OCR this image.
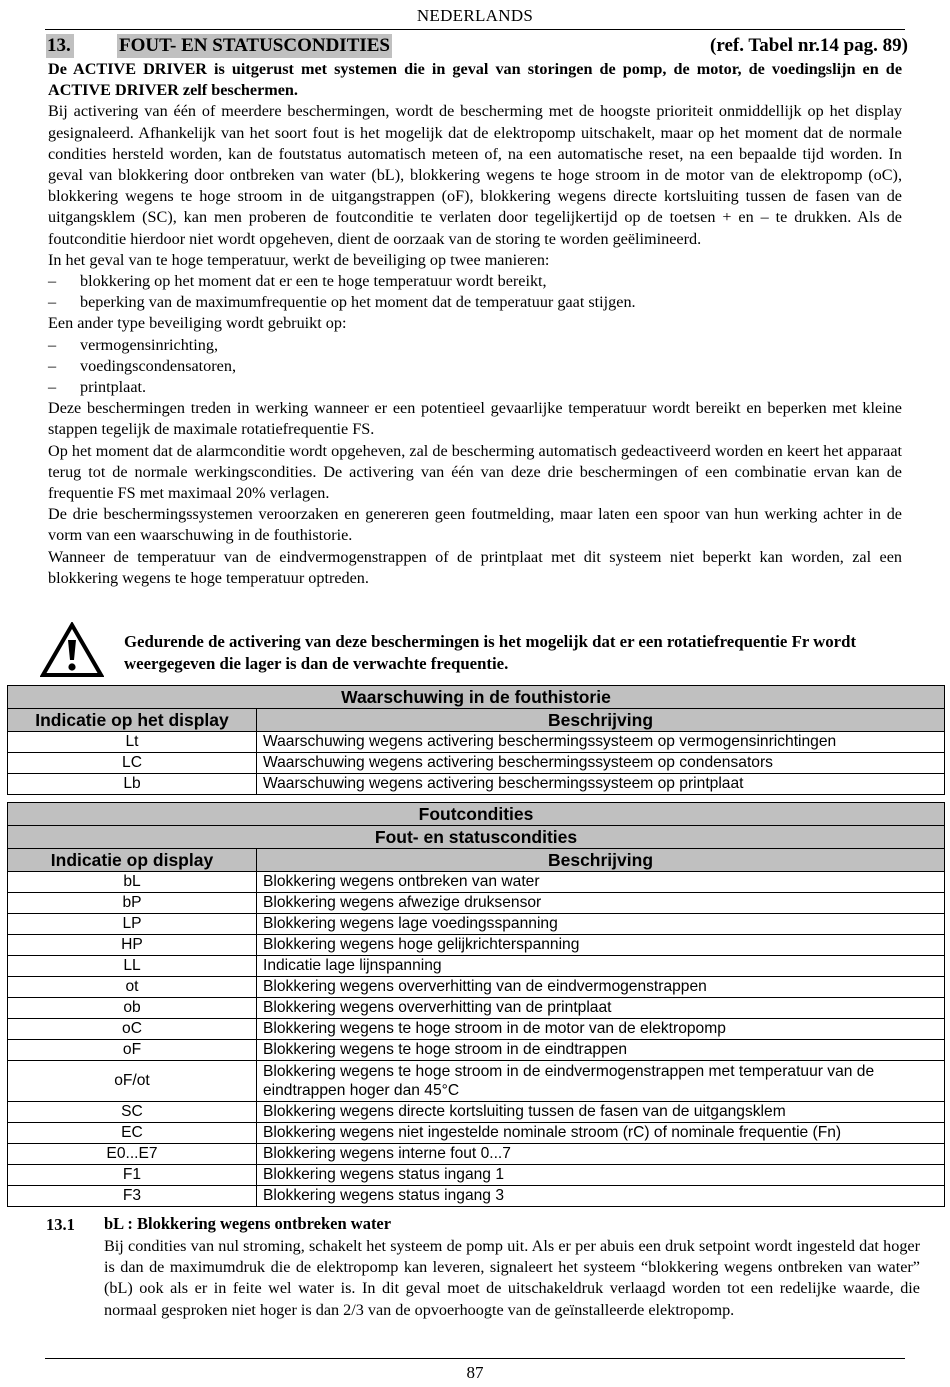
NEDERLANDS
13.	FOUT- EN STATUSCONDITIES	(ref. Tabel nr.14 pag. 89)

De ACTIVE DRIVER is uitgerust met systemen die in geval van storingen de pomp, de motor, de voedingslijn en de ACTIVE DRIVER zelf beschermen.

Bij activering van één of meerdere beschermingen, wordt de bescherming met de hoogste prioriteit onmiddellijk op het display gesignaleerd. Afhankelijk van het soort fout is het mogelijk dat de elektropomp uitschakelt, maar op het moment dat de normale condities hersteld worden, kan de foutstatus automatisch meteen of, na een automatische reset, na een bepaalde tijd worden. In geval van blokkering door ontbreken van water (bL), blokkering wegens te hoge stroom in de motor van de elektropomp (oC), blokkering wegens te hoge stroom in de uitgangstrappen (oF), blokkering wegens directe kortsluiting tussen de fasen van de uitgangsklem (SC), kan men proberen de foutconditie te verlaten door tegelijkertijd op de toetsen + en – te drukken. Als de foutconditie hierdoor niet wordt opgeheven, dient de oorzaak van de storing te worden geëlimineerd.

In het geval van te hoge temperatuur, werkt de beveiliging op twee manieren:

– blokkering op het moment dat er een te hoge temperatuur wordt bereikt,
– beperking van de maximumfrequentie op het moment dat de temperatuur gaat stijgen.

Een ander type beveiliging wordt gebruikt op:

– vermogensinrichting,
– voedingscondensatoren,
– printplaat.

Deze beschermingen treden in werking wanneer er een potentieel gevaarlijke temperatuur wordt bereikt en beperken met kleine stappen tegelijk de maximale rotatiefrequentie FS.

Op het moment dat de alarmconditie wordt opgeheven, zal de bescherming automatisch gedeactiveerd worden en keert het apparaat terug tot de normale werkingscondities. De activering van één van deze drie beschermingen of een combinatie ervan kan de frequentie FS met maximaal 20% verlagen.

De drie beschermingssystemen veroorzaken en genereren geen foutmelding, maar laten een spoor van hun werking achter in de vorm van een waarschuwing in de fouthistorie.

Wanneer de temperatuur van de eindvermogenstrappen of de printplaat met dit systeem niet beperkt kan worden, zal een blokkering wegens te hoge temperatuur optreden.

Gedurende de activering van deze beschermingen is het mogelijk dat er een rotatiefrequentie Fr wordt weergegeven die lager is dan de verwachte frequentie.
Waarschuwing in de fouthistorie	
Indicatie op het display	Beschrijving
Lt	Waarschuwing wegens activering beschermingssysteem op vermogensinrichtingen
LC	Waarschuwing wegens activering beschermingssysteem op condensators
Lb	Waarschuwing wegens activering beschermingssysteem op printplaat
Foutcondities	
Fout- en statuscondities	
Indicatie op display	Beschrijving
bL	Blokkering wegens ontbreken van water
bP	Blokkering wegens afwezige druksensor
LP	Blokkering wegens lage voedingsspanning
HP	Blokkering wegens hoge gelijkrichterspanning
LL	Indicatie lage lijnspanning
ot	Blokkering wegens oververhitting van de eindvermogenstrappen
ob	Blokkering wegens oververhitting van de printplaat
oC	Blokkering wegens te hoge stroom in de motor van de elektropomp
oF	Blokkering wegens te hoge stroom in de eindtrappen
oF/ot	Blokkering wegens te hoge stroom in de eindvermogenstrappen met temperatuur van de eindtrappen hoger dan 45°C
SC	Blokkering wegens directe kortsluiting tussen de fasen van de uitgangsklem
EC	Blokkering wegens niet ingestelde nominale stroom (rC) of nominale frequentie (Fn)
E0...E7	Blokkering wegens interne fout 0...7
F1	Blokkering wegens status ingang 1
F3	Blokkering wegens status ingang 3
13.1 bL : Blokkering wegens ontbreken water

Bij condities van nul stroming, schakelt het systeem de pomp uit. Als er per abuis een druk setpoint wordt ingesteld dat hoger is dan de maximumdruk die de elektropomp kan leveren, signaleert het systeem “blokkering wegens ontbreken van water” (bL) ook als er in feite wel water is. In dit geval moet de uitschakeldruk verlaagd worden tot een redelijke waarde, die normaal gesproken niet hoger is dan 2/3 van de opvoerhoogte van de geïnstalleerde elektropomp.

87
